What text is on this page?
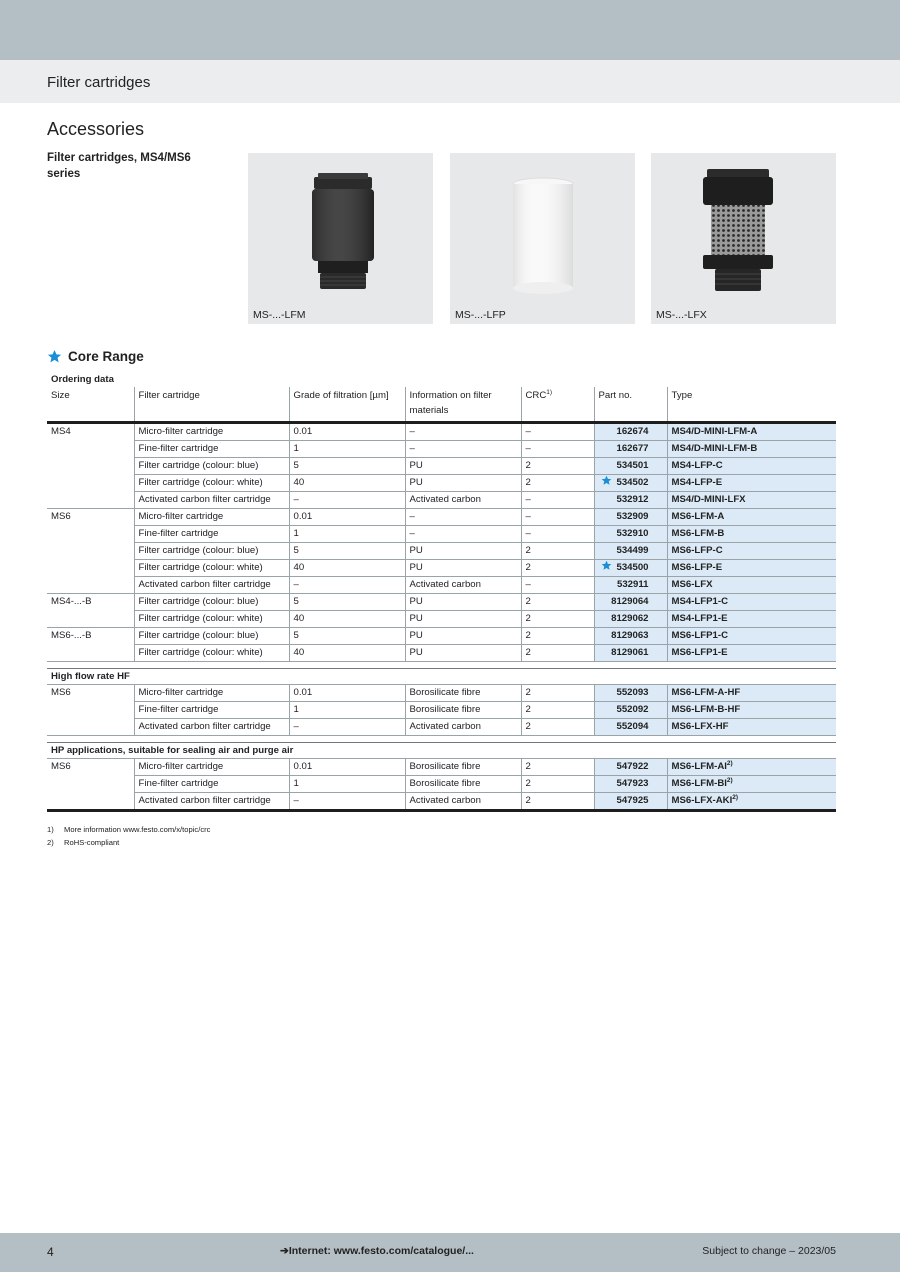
Filter cartridges
Accessories
Filter cartridges, MS4/MS6 series
MS-...-LFM	MS-...-LFP	MS-...-LFX
Core Range
Ordering data						
Size	Filter cartridge	Grade of filtration [µm]	Information on filter materials	CRC$^{1)}$	Part no.	Type
MS4	Micro-filter cartridge	0.01	–	–	162674	MS4/D-MINI-LFM-A
	Fine-filter cartridge	1	–	–	162677	MS4/D-MINI-LFM-B
	Filter cartridge (colour: blue)	5	PU	2	534501	MS4-LFP-C
	Filter cartridge (colour: white)	40	PU	2	534502	MS4-LFP-E
	Activated carbon filter cartridge	–	Activated carbon	–	532912	MS4/D-MINI-LFX
MS6	Micro-filter cartridge	0.01	–	–	532909	MS6-LFM-A
	Fine-filter cartridge	1	–	–	532910	MS6-LFM-B
	Filter cartridge (colour: blue)	5	PU	2	534499	MS6-LFP-C
	Filter cartridge (colour: white)	40	PU	2	534500	MS6-LFP-E
	Activated carbon filter cartridge	–	Activated carbon	–	532911	MS6-LFX
MS4-...-B	Filter cartridge (colour: blue)	5	PU	2	8129064	MS4-LFP1-C
	Filter cartridge (colour: white)	40	PU	2	8129062	MS4-LFP1-E
MS6-...-B	Filter cartridge (colour: blue)	5	PU	2	8129063	MS6-LFP1-C
	Filter cartridge (colour: white)	40	PU	2	8129061	MS6-LFP1-E

High flow rate HF						
MS6	Micro-filter cartridge	0.01	Borosilicate fibre	2	552093	MS6-LFM-A-HF
	Fine-filter cartridge	1	Borosilicate fibre	2	552092	MS6-LFM-B-HF
	Activated carbon filter cartridge	–	Activated carbon	2	552094	MS6-LFX-HF

HP applications, suitable for sealing air and purge air						
MS6	Micro-filter cartridge	0.01	Borosilicate fibre	2	547922	MS6-LFM-AI$^{2)}$
	Fine-filter cartridge	1	Borosilicate fibre	2	547923	MS6-LFM-BI$^{2)}$
	Activated carbon filter cartridge	–	Activated carbon	2	547925	MS6-LFX-AKI$^{2)}$
1) More information www.festo.com/x/topic/crc
2) RoHS-compliant
4	➔Internet: www.festo.com/catalogue/...	Subject to change – 2023/05
